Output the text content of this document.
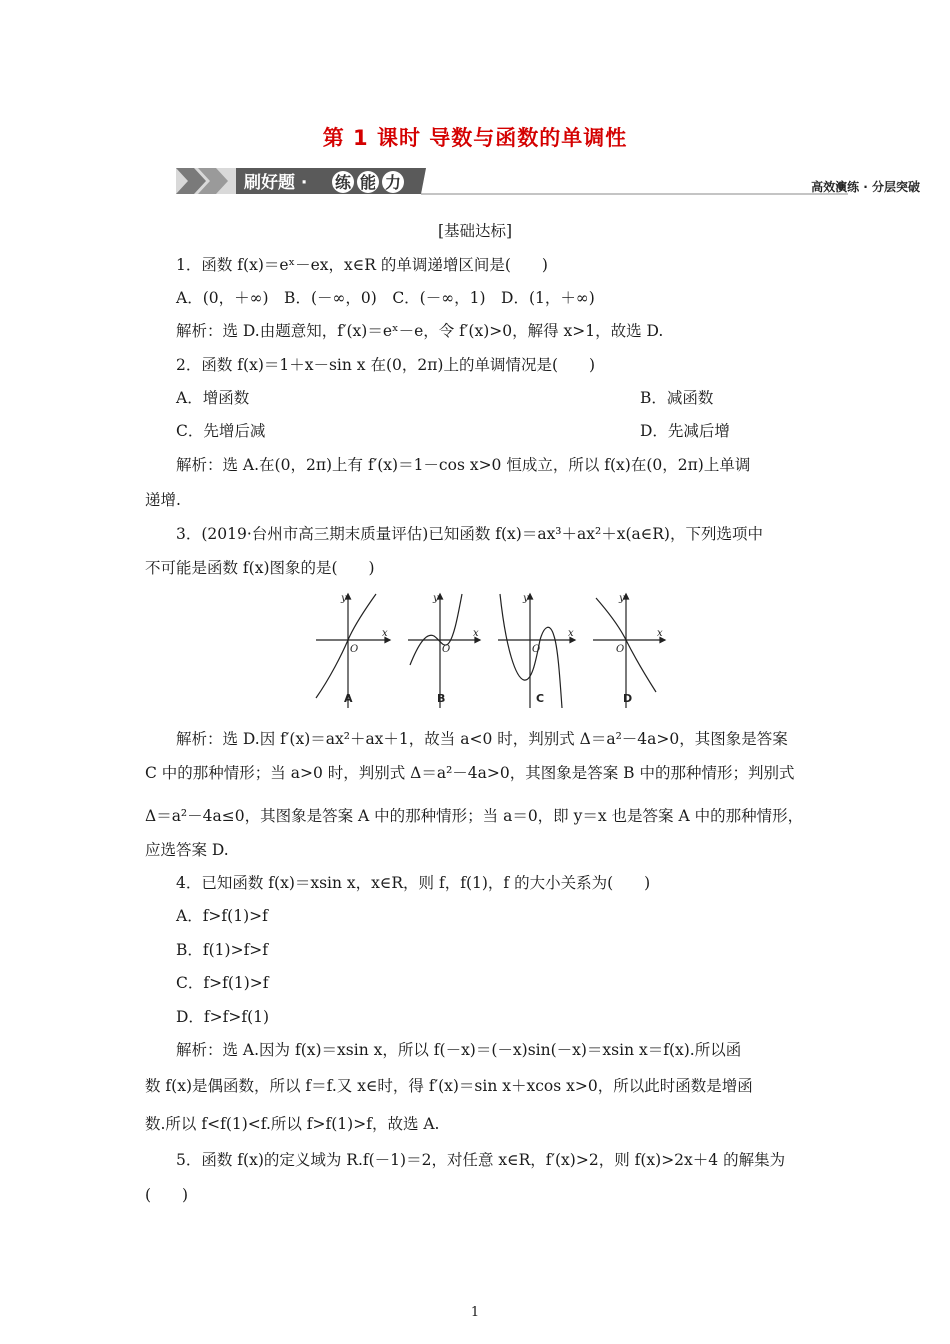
第 1 课时 导数与函数的单调性
刷好题 · 练 能 力	高效演练 · 分层突破
[基础达标]
1．函数 f(x)＝eˣ－ex，x∈R 的单调递增区间是(　　)
A．(0，＋∞)　B．(－∞，0)　C．(－∞，1)　D．(1，＋∞)
解析：选 D.由题意知，f′(x)＝eˣ－e，令 f′(x)>0，解得 x>1，故选 D.
2．函数 f(x)＝1＋x－sin x 在(0，2π)上的单调情况是(　　)
A．增函数	B．减函数
C．先增后减	D．先减后增
解析：选 A.在(0，2π)上有 f′(x)＝1－cos x>0 恒成立，所以 f(x)在(0，2π)上单调
递增.
3．(2019·台州市高三期末质量评估)已知函数 f(x)＝ax³＋ax²＋x(a∈R)，下列选项中
不可能是函数 f(x)图象的是(　　)
y
x
O
y
x
O
y
x
O
y
x
O
A	B	C	D
解析：选 D.因 f′(x)＝ax²＋ax＋1，故当 a<0 时，判别式 Δ＝a²－4a>0，其图象是答案
C 中的那种情形；当 a>0 时，判别式 Δ＝a²－4a>0，其图象是答案 B 中的那种情形；判别式
Δ＝a²－4a≤0，其图象是答案 A 中的那种情形；当 a＝0，即 y＝x 也是答案 A 中的那种情形，
应选答案 D.
4．已知函数 f(x)＝xsin x，x∈R，则 f，f(1)，f 的大小关系为(　　)
A．f>f(1)>f
B．f(1)>f>f
C．f>f(1)>f
D．f>f>f(1)
解析：选 A.因为 f(x)＝xsin x，所以 f(－x)＝(－x)sin(－x)＝xsin x＝f(x).所以函
数 f(x)是偶函数，所以 f＝f.又 x∈时，得 f′(x)＝sin x＋xcos x>0，所以此时函数是增函
数.所以 f<f(1)<f.所以 f>f(1)>f，故选 A.
5．函数 f(x)的定义域为 R.f(－1)＝2，对任意 x∈R，f′(x)>2，则 f(x)>2x＋4 的解集为
(　　)
1
